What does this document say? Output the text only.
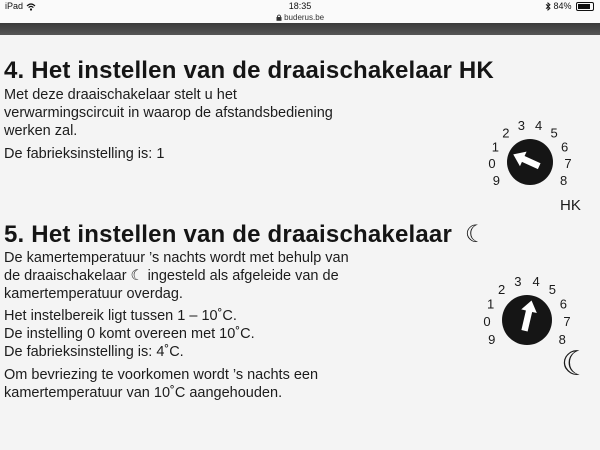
iPad	18:35	84%
buderus.be
4. Het instellen van de draaischakelaar HK
Met deze draaischakelaar stelt u het
verwarmingscircuit in waarop de afstandsbediening
werken zal.
De fabrieksinstelling is: 1
9
0
1
2
3 4
5
6
7
8
HK
5. Het instellen van de draaischakelaar ☾
De kamertemperatuur ’s nachts wordt met behulp van
de draaischakelaar ☾ ingesteld als afgeleide van de
kamertemperatuur overdag.
Het instelbereik ligt tussen 1 – 10˚C.
De instelling 0 komt overeen met 10˚C.
De fabrieksinstelling is: 4˚C.
Om bevriezing te voorkomen wordt ’s nachts een
kamertemperatuur van 10˚C aangehouden.
9
0
1
2
3 4
5
6
7
8
☾
